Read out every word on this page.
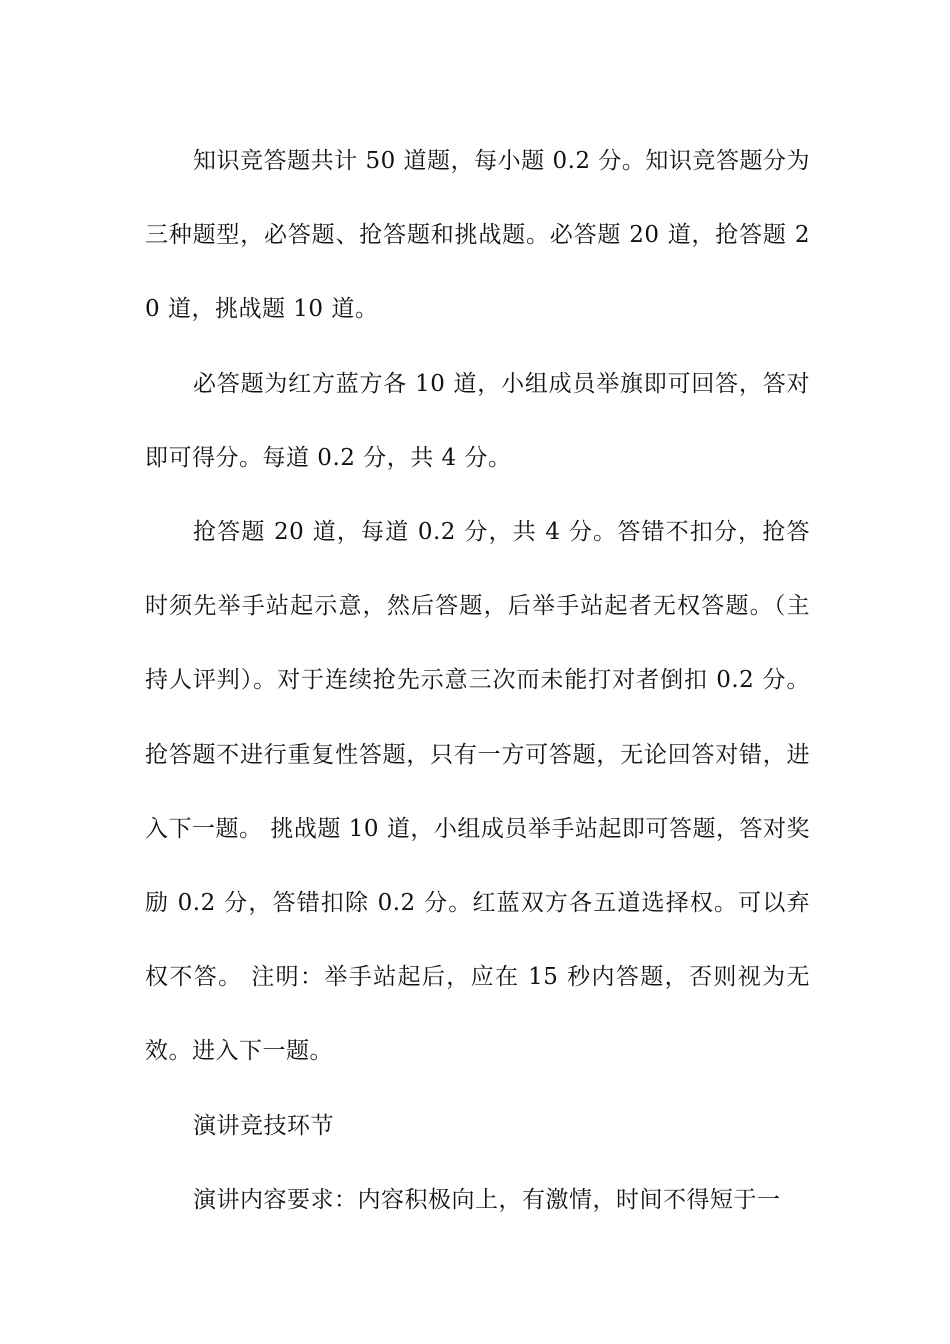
知识竞答题共计 50 道题，每小题 0.2 分。知识竞答题分为三种题型，必答题、抢答题和挑战题。必答题 20 道，抢答题 20 道，挑战题 10 道。

必答题为红方蓝方各 10 道，小组成员举旗即可回答，答对即可得分。每道 0.2 分，共 4 分。

抢答题 20 道，每道 0.2 分，共 4 分。答错不扣分，抢答时须先举手站起示意，然后答题，后举手站起者无权答题。（主持人评判）。对于连续抢先示意三次而未能打对者倒扣 0.2 分。抢答题不进行重复性答题，只有一方可答题，无论回答对错，进入下一题。 挑战题 10 道，小组成员举手站起即可答题，答对奖励 0.2 分，答错扣除 0.2 分。红蓝双方各五道选择权。可以弃权不答。 注明：举手站起后，应在 15 秒内答题，否则视为无效。进入下一题。

演讲竞技环节

演讲内容要求：内容积极向上，有激情，时间不得短于一
